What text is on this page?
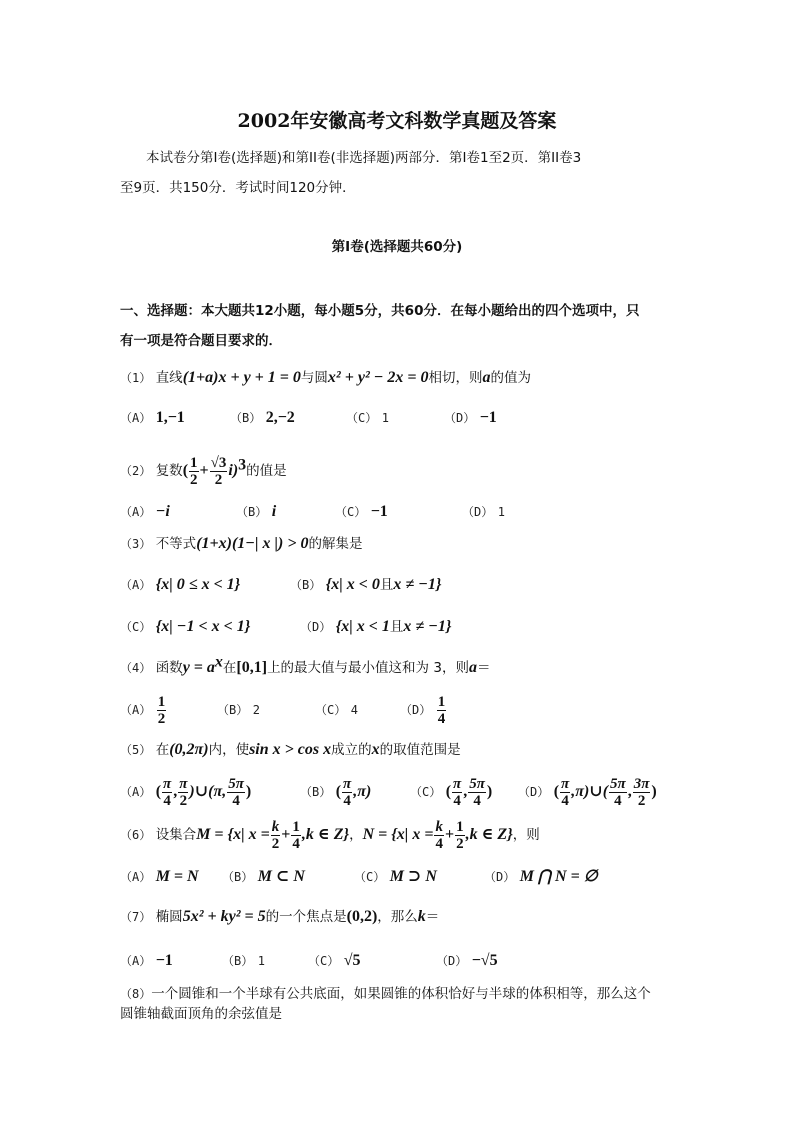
2002年安徽高考文科数学真题及答案
本试卷分第Ⅰ卷(选择题)和第II卷(非选择题)两部分．第Ⅰ卷1至2页．第II卷3
至9页．共150分．考试时间120分钟．
第Ⅰ卷(选择题共60分)
一、选择题：本大题共12小题，每小题5分，共60分．在每小题给出的四个选项中，只
有一项是符合题目要求的．
（1） 直线(1+a)x + y + 1 = 0与圆x² + y² − 2x = 0相切，则a的值为
（A） 1,−1	（B） 2,−2	（C） 1	（D） −1
（2） 复数( $\frac{1}{2} + \frac{√3}{2} i)^3$的值是
（A） −i	（B） i	（C） −1	（D） 1
（3） 不等式(1+x)(1−| x |) > 0的解集是
（A） {x| 0 ≤ x < 1}	（B） {x| x < 0且x ≠ −1}
（C） {x| −1 < x < 1}	（D） {x| x < 1且x ≠ −1}
（4） 函数$y = a^x$在[0,1]上的最大值与最小值这和为 3，则a＝
$(A) \frac{1}{2}$	（B） 2	（C） 4	$(D) \frac{1}{4}$
（5） 在(0,2π)内，使sin x > cos x成立的x的取值范围是
（A） ( $\frac{\pi}{4}$ , $\frac{\pi}{2}$ )∪(π, $\frac{5\pi}{4}$ )	（B） ( $\frac{\pi}{4} ,\pi$)	（C） ( $\frac{\pi}{4}$ , $\frac{5\pi}{4}$ ) （D） ( $\frac{\pi}{4}$ ,π)∪( $\frac{5\pi}{4}$ , $\frac{3\pi}{2}$ )
（6） 设集合M = {x| $x = \frac{k}{2} + \frac{1}{4} ,k$ ∈ Z}，N = {x| $x = \frac{k}{4} + \frac{1}{2} ,k$ ∈ Z}，则
（A） M = N （B） M ⊂ N	（C） M ⊃ N	（D） M ⋂ N = ∅
（7） 椭圆5x² + ky² = 5的一个焦点是(0,2)，那么k＝
（A） −1	（B） 1	（C） √5	（D） −√5
（8）一个圆锥和一个半球有公共底面，如果圆锥的体积恰好与半球的体积相等，那么这个
圆锥轴截面顶角的余弦值是
